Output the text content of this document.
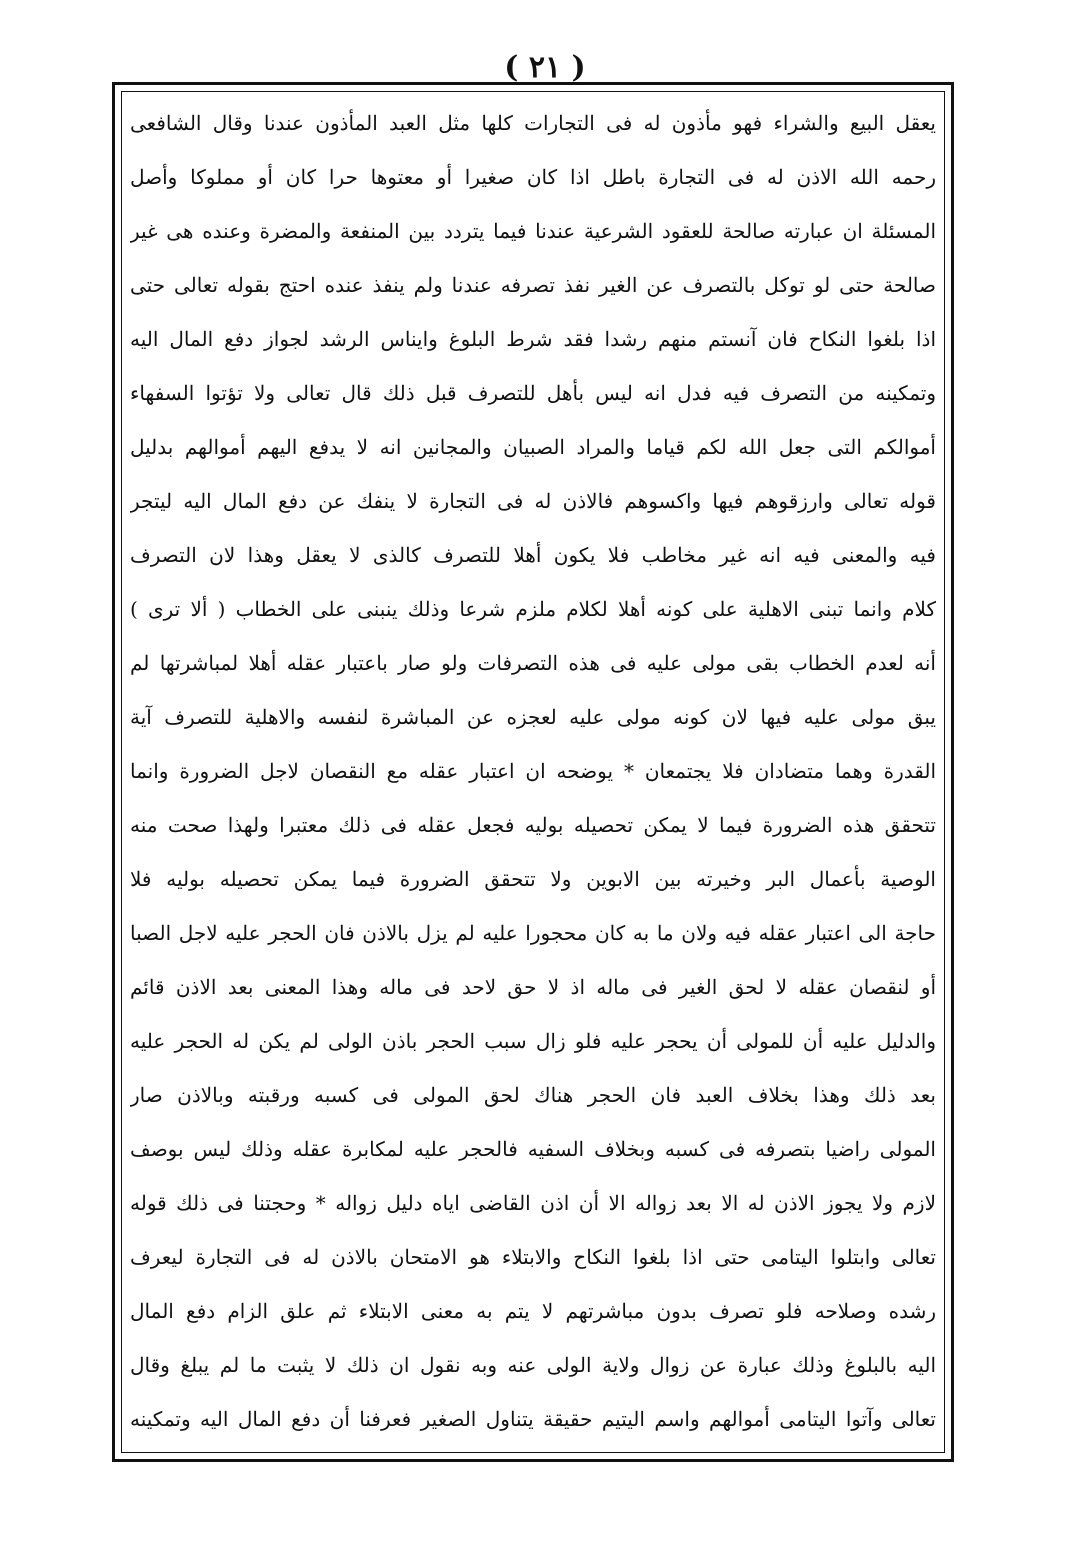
( ٢١ )
يعقل البيع والشراء فهو مأذون له فى التجارات كلها مثل العبد المأذون عندنا وقال الشافعى
رحمه الله الاذن له فى التجارة باطل اذا كان صغيرا أو معتوها حرا كان أو مملوكا وأصل
المسئلة ان عبارته صالحة للعقود الشرعية عندنا فيما يتردد بين المنفعة والمضرة وعنده هى غير
صالحة حتى لو توكل بالتصرف عن الغير نفذ تصرفه عندنا ولم ينفذ عنده احتج بقوله تعالى حتى
اذا بلغوا النكاح فان آنستم منهم رشدا فقد شرط البلوغ وايناس الرشد لجواز دفع المال اليه
وتمكينه من التصرف فيه فدل انه ليس بأهل للتصرف قبل ذلك قال تعالى ولا تؤتوا السفهاء
أموالكم التى جعل الله لكم قياما والمراد الصبيان والمجانين انه لا يدفع اليهم أموالهم بدليل
قوله تعالى وارزقوهم فيها واكسوهم فالاذن له فى التجارة لا ينفك عن دفع المال اليه ليتجر
فيه والمعنى فيه انه غير مخاطب فلا يكون أهلا للتصرف كالذى لا يعقل وهذا لان التصرف
كلام وانما تبنى الاهلية على كونه أهلا لكلام ملزم شرعا وذلك ينبنى على الخطاب ( ألا ترى )
أنه لعدم الخطاب بقى مولى عليه فى هذه التصرفات ولو صار باعتبار عقله أهلا لمباشرتها لم
يبق مولى عليه فيها لان كونه مولى عليه لعجزه عن المباشرة لنفسه والاهلية للتصرف آية
القدرة وهما متضادان فلا يجتمعان * يوضحه ان اعتبار عقله مع النقصان لاجل الضرورة وانما
تتحقق هذه الضرورة فيما لا يمكن تحصيله بوليه فجعل عقله فى ذلك معتبرا ولهذا صحت منه
الوصية بأعمال البر وخيرته بين الابوين ولا تتحقق الضرورة فيما يمكن تحصيله بوليه فلا
حاجة الى اعتبار عقله فيه ولان ما به كان محجورا عليه لم يزل بالاذن فان الحجر عليه لاجل الصبا
أو لنقصان عقله لا لحق الغير فى ماله اذ لا حق لاحد فى ماله وهذا المعنى بعد الاذن قائم
والدليل عليه أن للمولى أن يحجر عليه فلو زال سبب الحجر باذن الولى لم يكن له الحجر عليه
بعد ذلك وهذا بخلاف العبد فان الحجر هناك لحق المولى فى كسبه ورقبته وبالاذن صار
المولى راضيا بتصرفه فى كسبه وبخلاف السفيه فالحجر عليه لمكابرة عقله وذلك ليس بوصف
لازم ولا يجوز الاذن له الا بعد زواله الا أن اذن القاضى اياه دليل زواله * وحجتنا فى ذلك قوله
تعالى وابتلوا اليتامى حتى اذا بلغوا النكاح والابتلاء هو الامتحان بالاذن له فى التجارة ليعرف
رشده وصلاحه فلو تصرف بدون مباشرتهم لا يتم به معنى الابتلاء ثم علق الزام دفع المال
اليه بالبلوغ وذلك عبارة عن زوال ولاية الولى عنه وبه نقول ان ذلك لا يثبت ما لم يبلغ وقال
تعالى وآتوا اليتامى أموالهم واسم اليتيم حقيقة يتناول الصغير فعرفنا أن دفع المال اليه وتمكينه
